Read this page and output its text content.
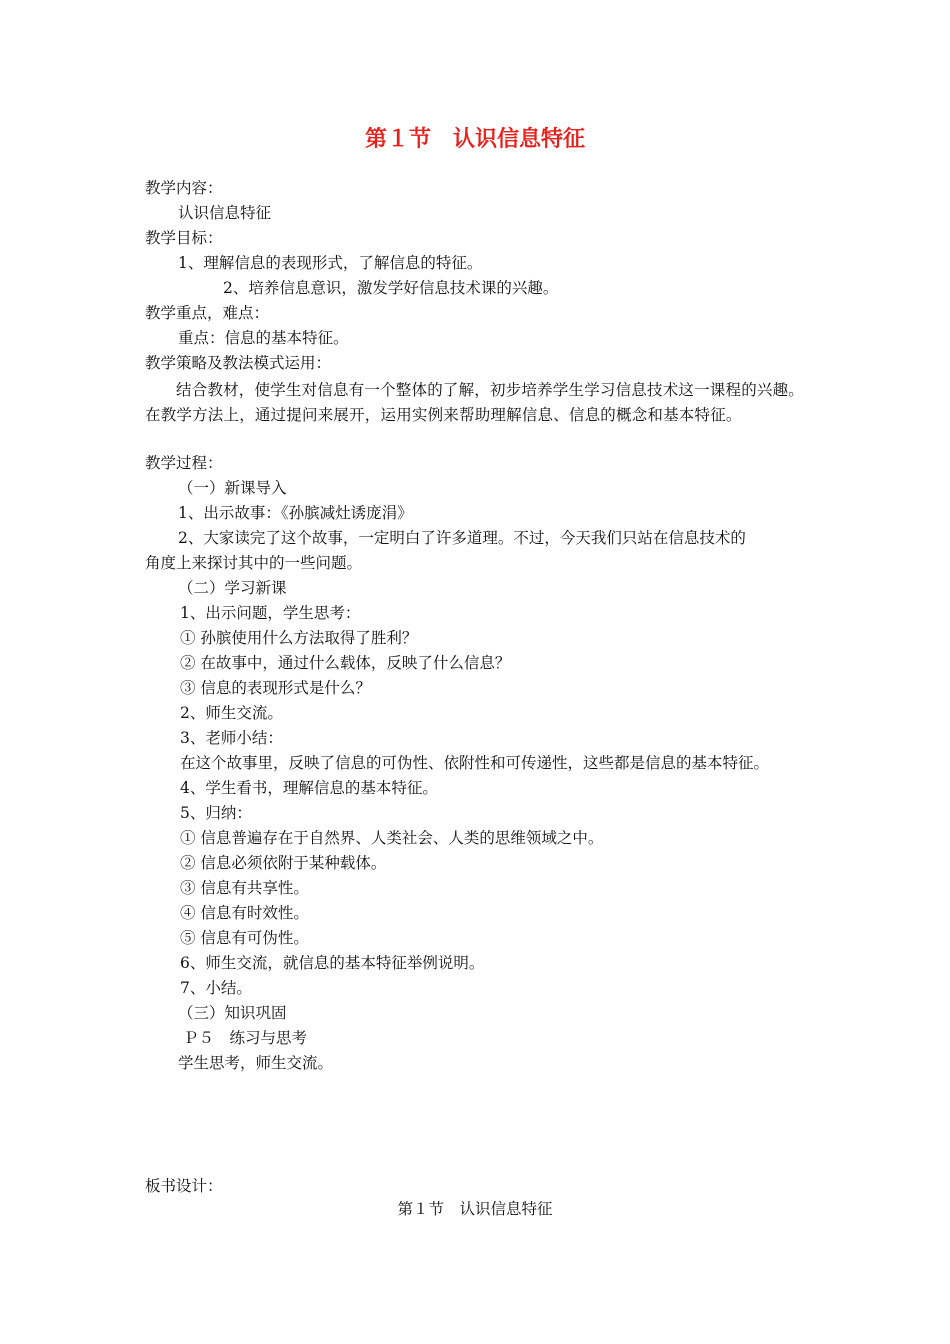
第１节　认识信息特征
教学内容：
认识信息特征
教学目标：
1、理解信息的表现形式，了解信息的特征。
2、培养信息意识，激发学好信息技术课的兴趣。
教学重点，难点：
重点：信息的基本特征。
教学策略及教法模式运用：
教学过程：
（一）新课导入
1、出示故事：《孙膑减灶诱庞涓》
2、大家读完了这个故事，一定明白了许多道理。不过，今天我们只站在信息技术的
角度上来探讨其中的一些问题。
（二）学习新课
1、出示问题，学生思考：
① 孙膑使用什么方法取得了胜利？
② 在故事中，通过什么载体，反映了什么信息？
③ 信息的表现形式是什么？
2、师生交流。
3、老师小结：
在这个故事里，反映了信息的可伪性、依附性和可传递性，这些都是信息的基本特征。
4、学生看书，理解信息的基本特征。
5、归纳：
① 信息普遍存在于自然界、人类社会、人类的思维领域之中。
② 信息必须依附于某种载体。
③ 信息有共享性。
④ 信息有时效性。
⑤ 信息有可伪性。
6、师生交流，就信息的基本特征举例说明。
7、小结。
（三）知识巩固
Ｐ５　练习与思考
学生思考，师生交流。
板书设计：
结合教材，使学生对信息有一个整体的了解，初步培养学生学习信息技术这一课程的兴趣。在教学方法上，通过提问来展开，运用实例来帮助理解信息、信息的概念和基本特征。
第１节　认识信息特征
